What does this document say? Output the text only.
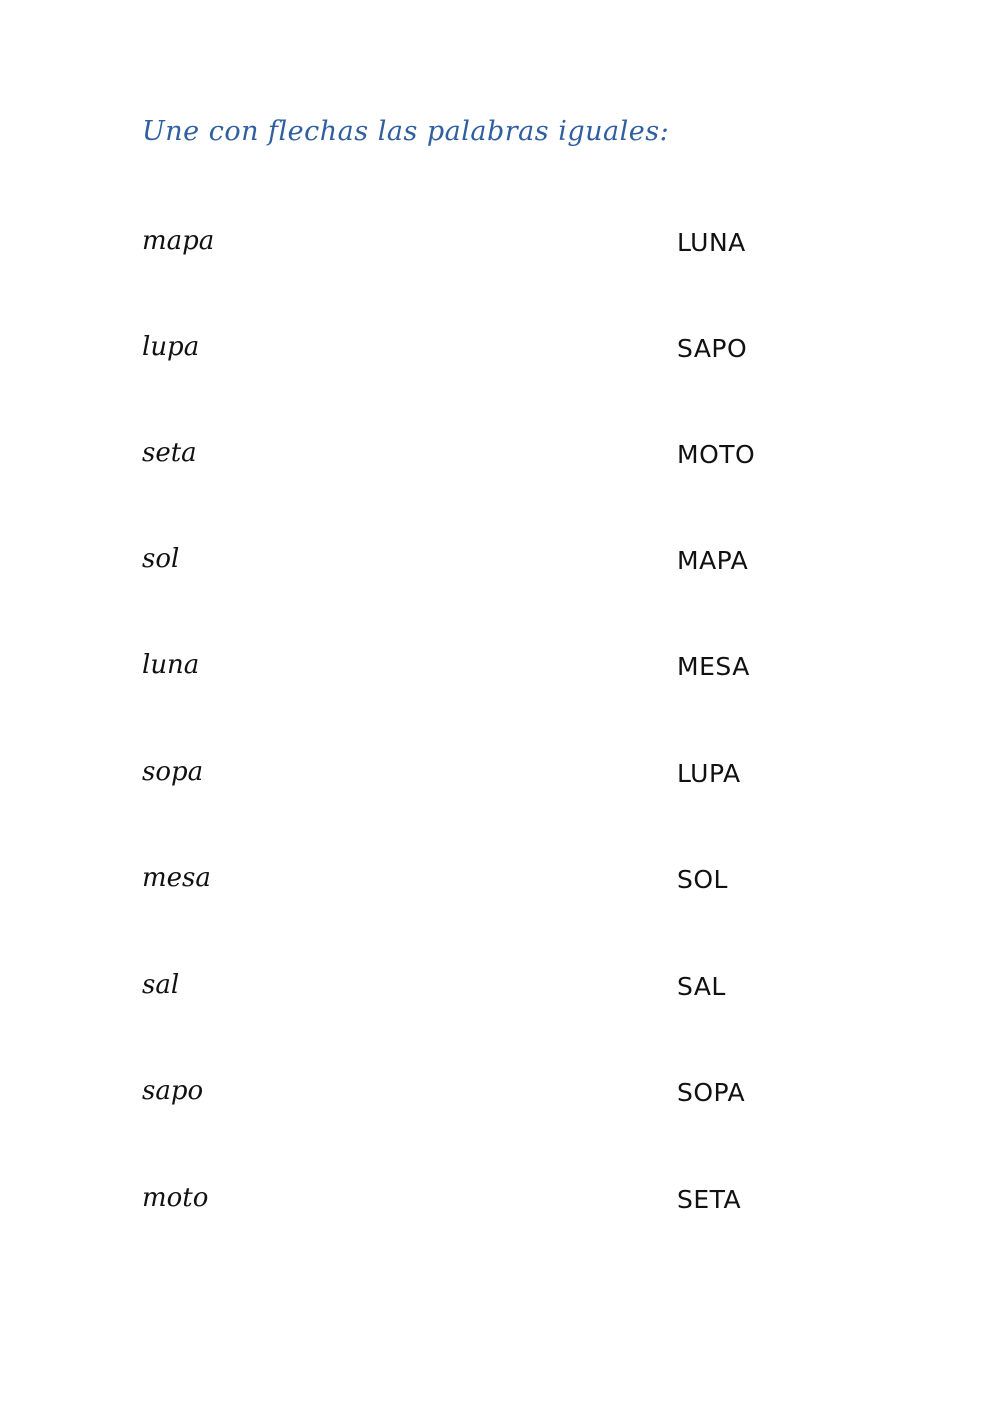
Une con flechas las palabras iguales:
mapa	LUNA
lupa	SAPO
seta	MOTO
sol	MAPA
luna	MESA
sopa	LUPA
mesa	SOL
sal	SAL
sapo	SOPA
moto	SETA
